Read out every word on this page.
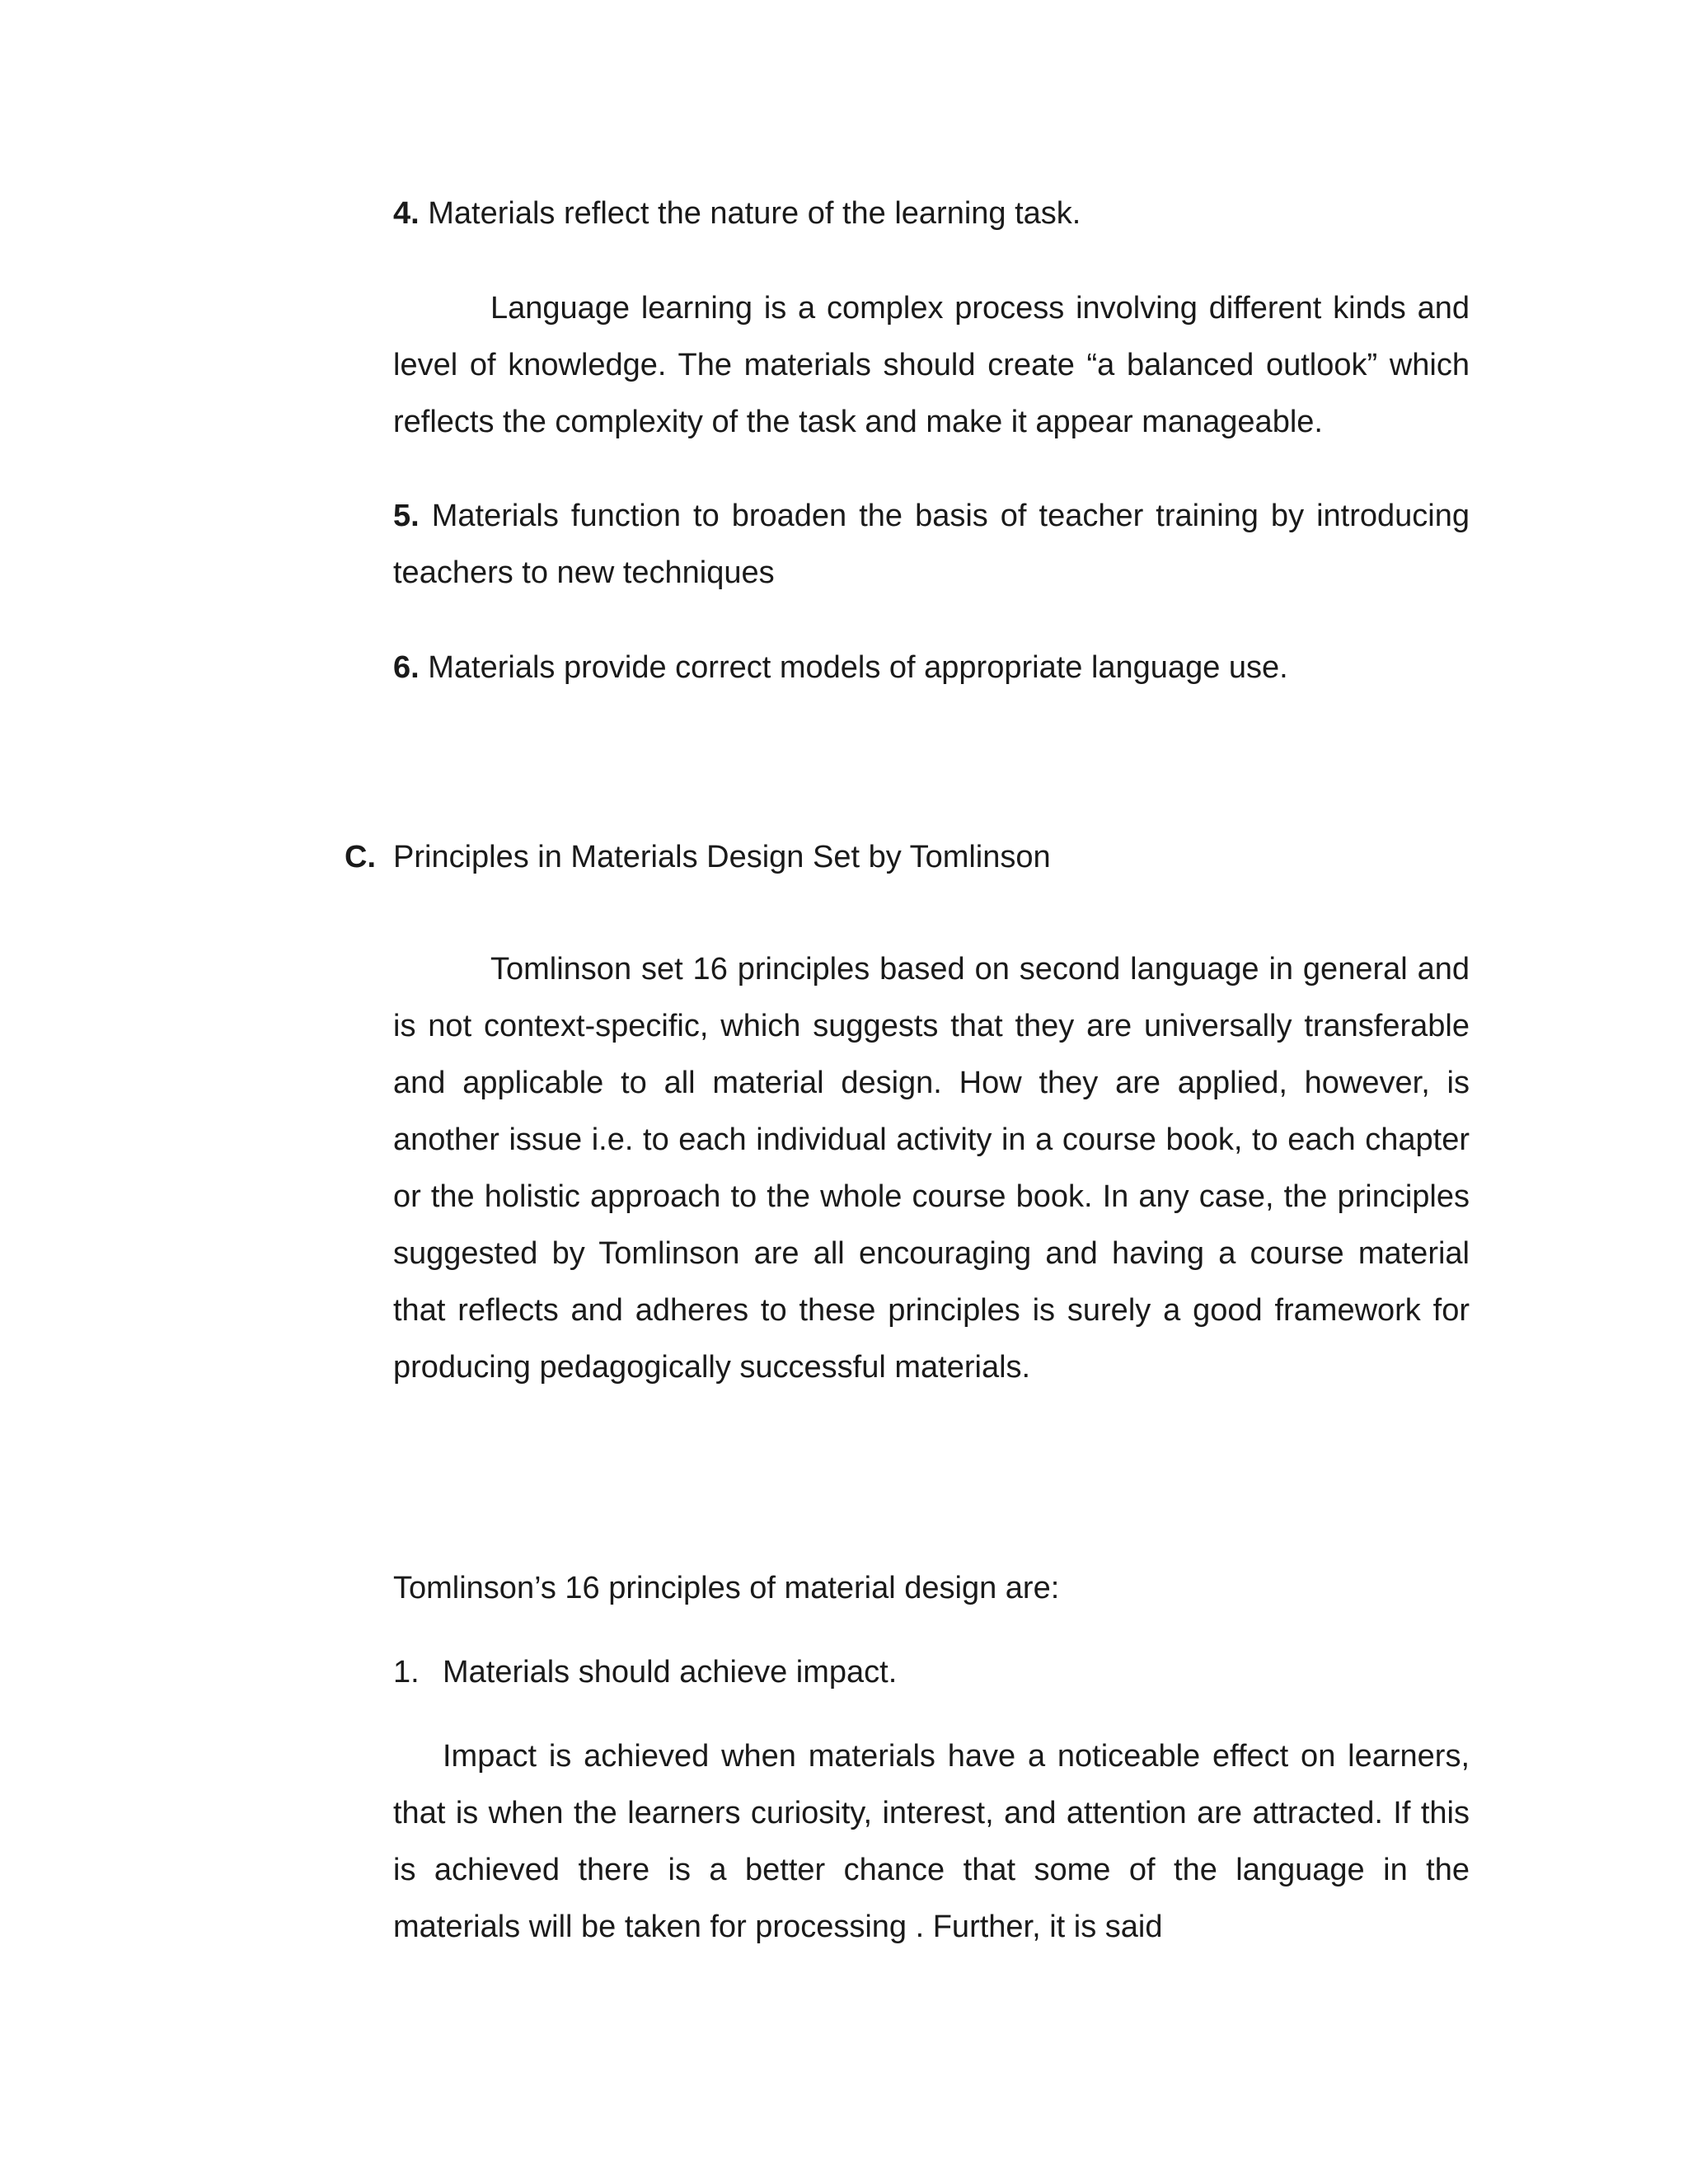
4. Materials reflect the nature of the learning task.

Language learning is a complex process involving different kinds and level of knowledge. The materials should create “a balanced outlook” which reflects the complexity of the task and make it appear manageable.

5. Materials function to broaden the basis of teacher training by introducing teachers to new techniques

6. Materials provide correct models of appropriate language use.

C. Principles in Materials Design Set by Tomlinson

Tomlinson set 16 principles based on second language in general and is not context-specific, which suggests that they are universally transferable and applicable to all material design. How they are applied, however, is another issue i.e. to each individual activity in a course book, to each chapter or the holistic approach to the whole course book. In any case, the principles suggested by Tomlinson are all encouraging and having a course material that reflects and adheres to these principles is surely a good framework for producing pedagogically successful materials.

Tomlinson’s 16 principles of material design are:

1. Materials should achieve impact.

Impact is achieved when materials have a noticeable effect on learners, that is when the learners curiosity, interest, and attention are attracted. If this is achieved there is a better chance that some of the language in the materials will be taken for processing . Further, it is said
